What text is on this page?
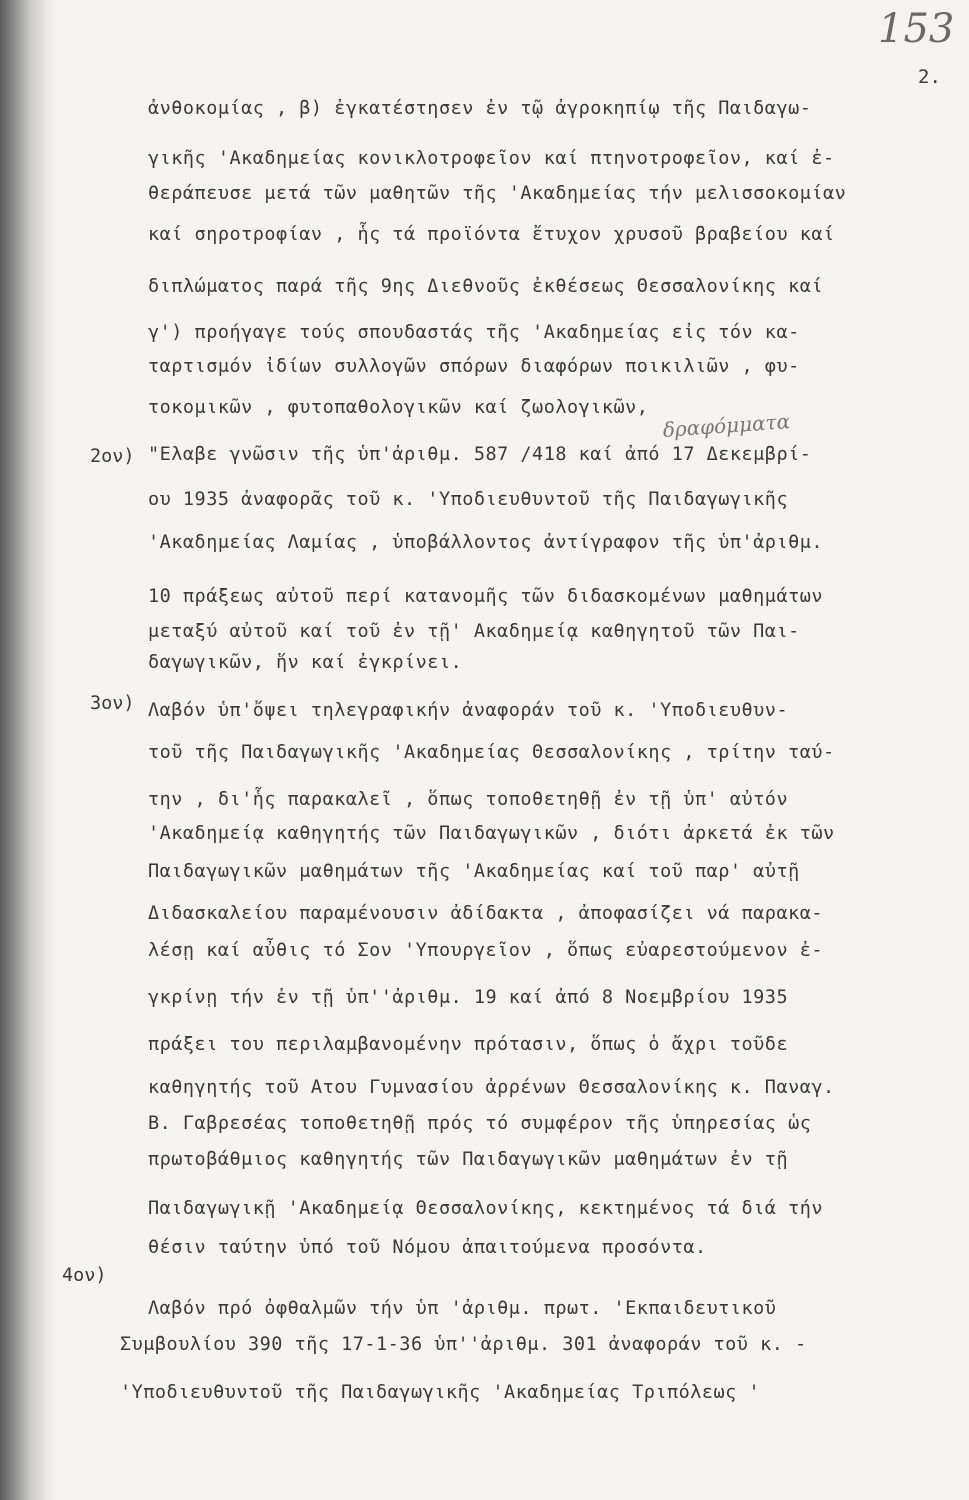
153
2.
δραφόμματα
ἀνθοκομίας , β) ἐγκατέστησεν ἐν τῷ ἀγροκηπίῳ τῆς Παιδαγω-
γικῆς 'Ακαδημείας κονικλοτροφεῖον καί πτηνοτροφεῖον, καί ἐ-
θεράπευσε μετά τῶν μαθητῶν τῆς 'Ακαδημείας τήν μελισσοκομίαν
καί σηροτροφίαν , ἧς τά προϊόντα ἔτυχον χρυσοῦ βραβείου καί
διπλώματος παρά τῆς 9ης Διεθνοῦς ἐκθέσεως Θεσσαλονίκης καί
γ') προήγαγε τούς σπουδαστάς τῆς 'Ακαδημείας εἰς τόν κα-
ταρτισμόν ἰδίων συλλογῶν σπόρων διαφόρων ποικιλιῶν , φυ-
τοκομικῶν , φυτοπαθολογικῶν καί ζωολογικῶν,
2ον) "Ελαβε γνῶσιν τῆς ὑπ'ἀριθμ. 587 /418 καί ἀπό 17 Δεκεμβρί-
ου 1935 ἀναφορᾶς τοῦ κ. 'Υποδιευθυντοῦ τῆς Παιδαγωγικῆς
'Ακαδημείας Λαμίας , ὑποβάλλοντος ἀντίγραφον τῆς ὑπ'ἀριθμ.
10 πράξεως αὐτοῦ περί κατανομῆς τῶν διδασκομένων μαθημάτων
μεταξύ αὐτοῦ καί τοῦ ἐν τῇ' Ακαδημείᾳ καθηγητοῦ τῶν Παι-
δαγωγικῶν, ἥν καί ἐγκρίνει.
3ον) Λαβόν ὑπ'ὄψει τηλεγραφικήν ἀναφοράν τοῦ κ. 'Υποδιευθυν-
τοῦ τῆς Παιδαγωγικῆς 'Ακαδημείας Θεσσαλονίκης , τρίτην ταύ-
την , δι'ἧς παρακαλεῖ , ὅπως τοποθετηθῇ ἐν τῇ ὑπ' αὐτόν
'Ακαδημείᾳ καθηγητής τῶν Παιδαγωγικῶν , διότι ἀρκετά ἐκ τῶν
Παιδαγωγικῶν μαθημάτων τῆς 'Ακαδημείας καί τοῦ παρ' αὐτῇ
Διδασκαλείου παραμένουσιν ἀδίδακτα , ἀποφασίζει νά παρακα-
λέσῃ καί αὖθις τό Σον 'Υπουργεῖον , ὅπως εὐαρεστούμενον ἐ-
γκρίνῃ τήν ἐν τῇ ὑπ''ἀριθμ. 19 καί ἀπό 8 Νοεμβρίου 1935
πράξει του περιλαμβανομένην πρότασιν, ὅπως ὁ ἄχρι τοῦδε
καθηγητής τοῦ Ατου Γυμνασίου ἀρρένων Θεσσαλονίκης κ. Παναγ.
Β. Γαβρεσέας τοποθετηθῇ πρός τό συμφέρον τῆς ὑπηρεσίας ὡς
πρωτοβάθμιος καθηγητής τῶν Παιδαγωγικῶν μαθημάτων ἐν τῇ
Παιδαγωγικῇ 'Ακαδημείᾳ Θεσσαλονίκης, κεκτημένος τά διά τήν
θέσιν ταύτην ὑπό τοῦ Νόμου ἀπαιτούμενα προσόντα.
4ον)
Λαβόν πρό ὀφθαλμῶν τήν ὑπ 'ἀριθμ. πρωτ. 'Εκπαιδευτικοῦ
Συμβουλίου 390 τῆς 17-1-36 ὑπ''ἀριθμ. 301 ἀναφοράν τοῦ κ. -
'Υποδιευθυντοῦ τῆς Παιδαγωγικῆς 'Ακαδημείας Τριπόλεως '
